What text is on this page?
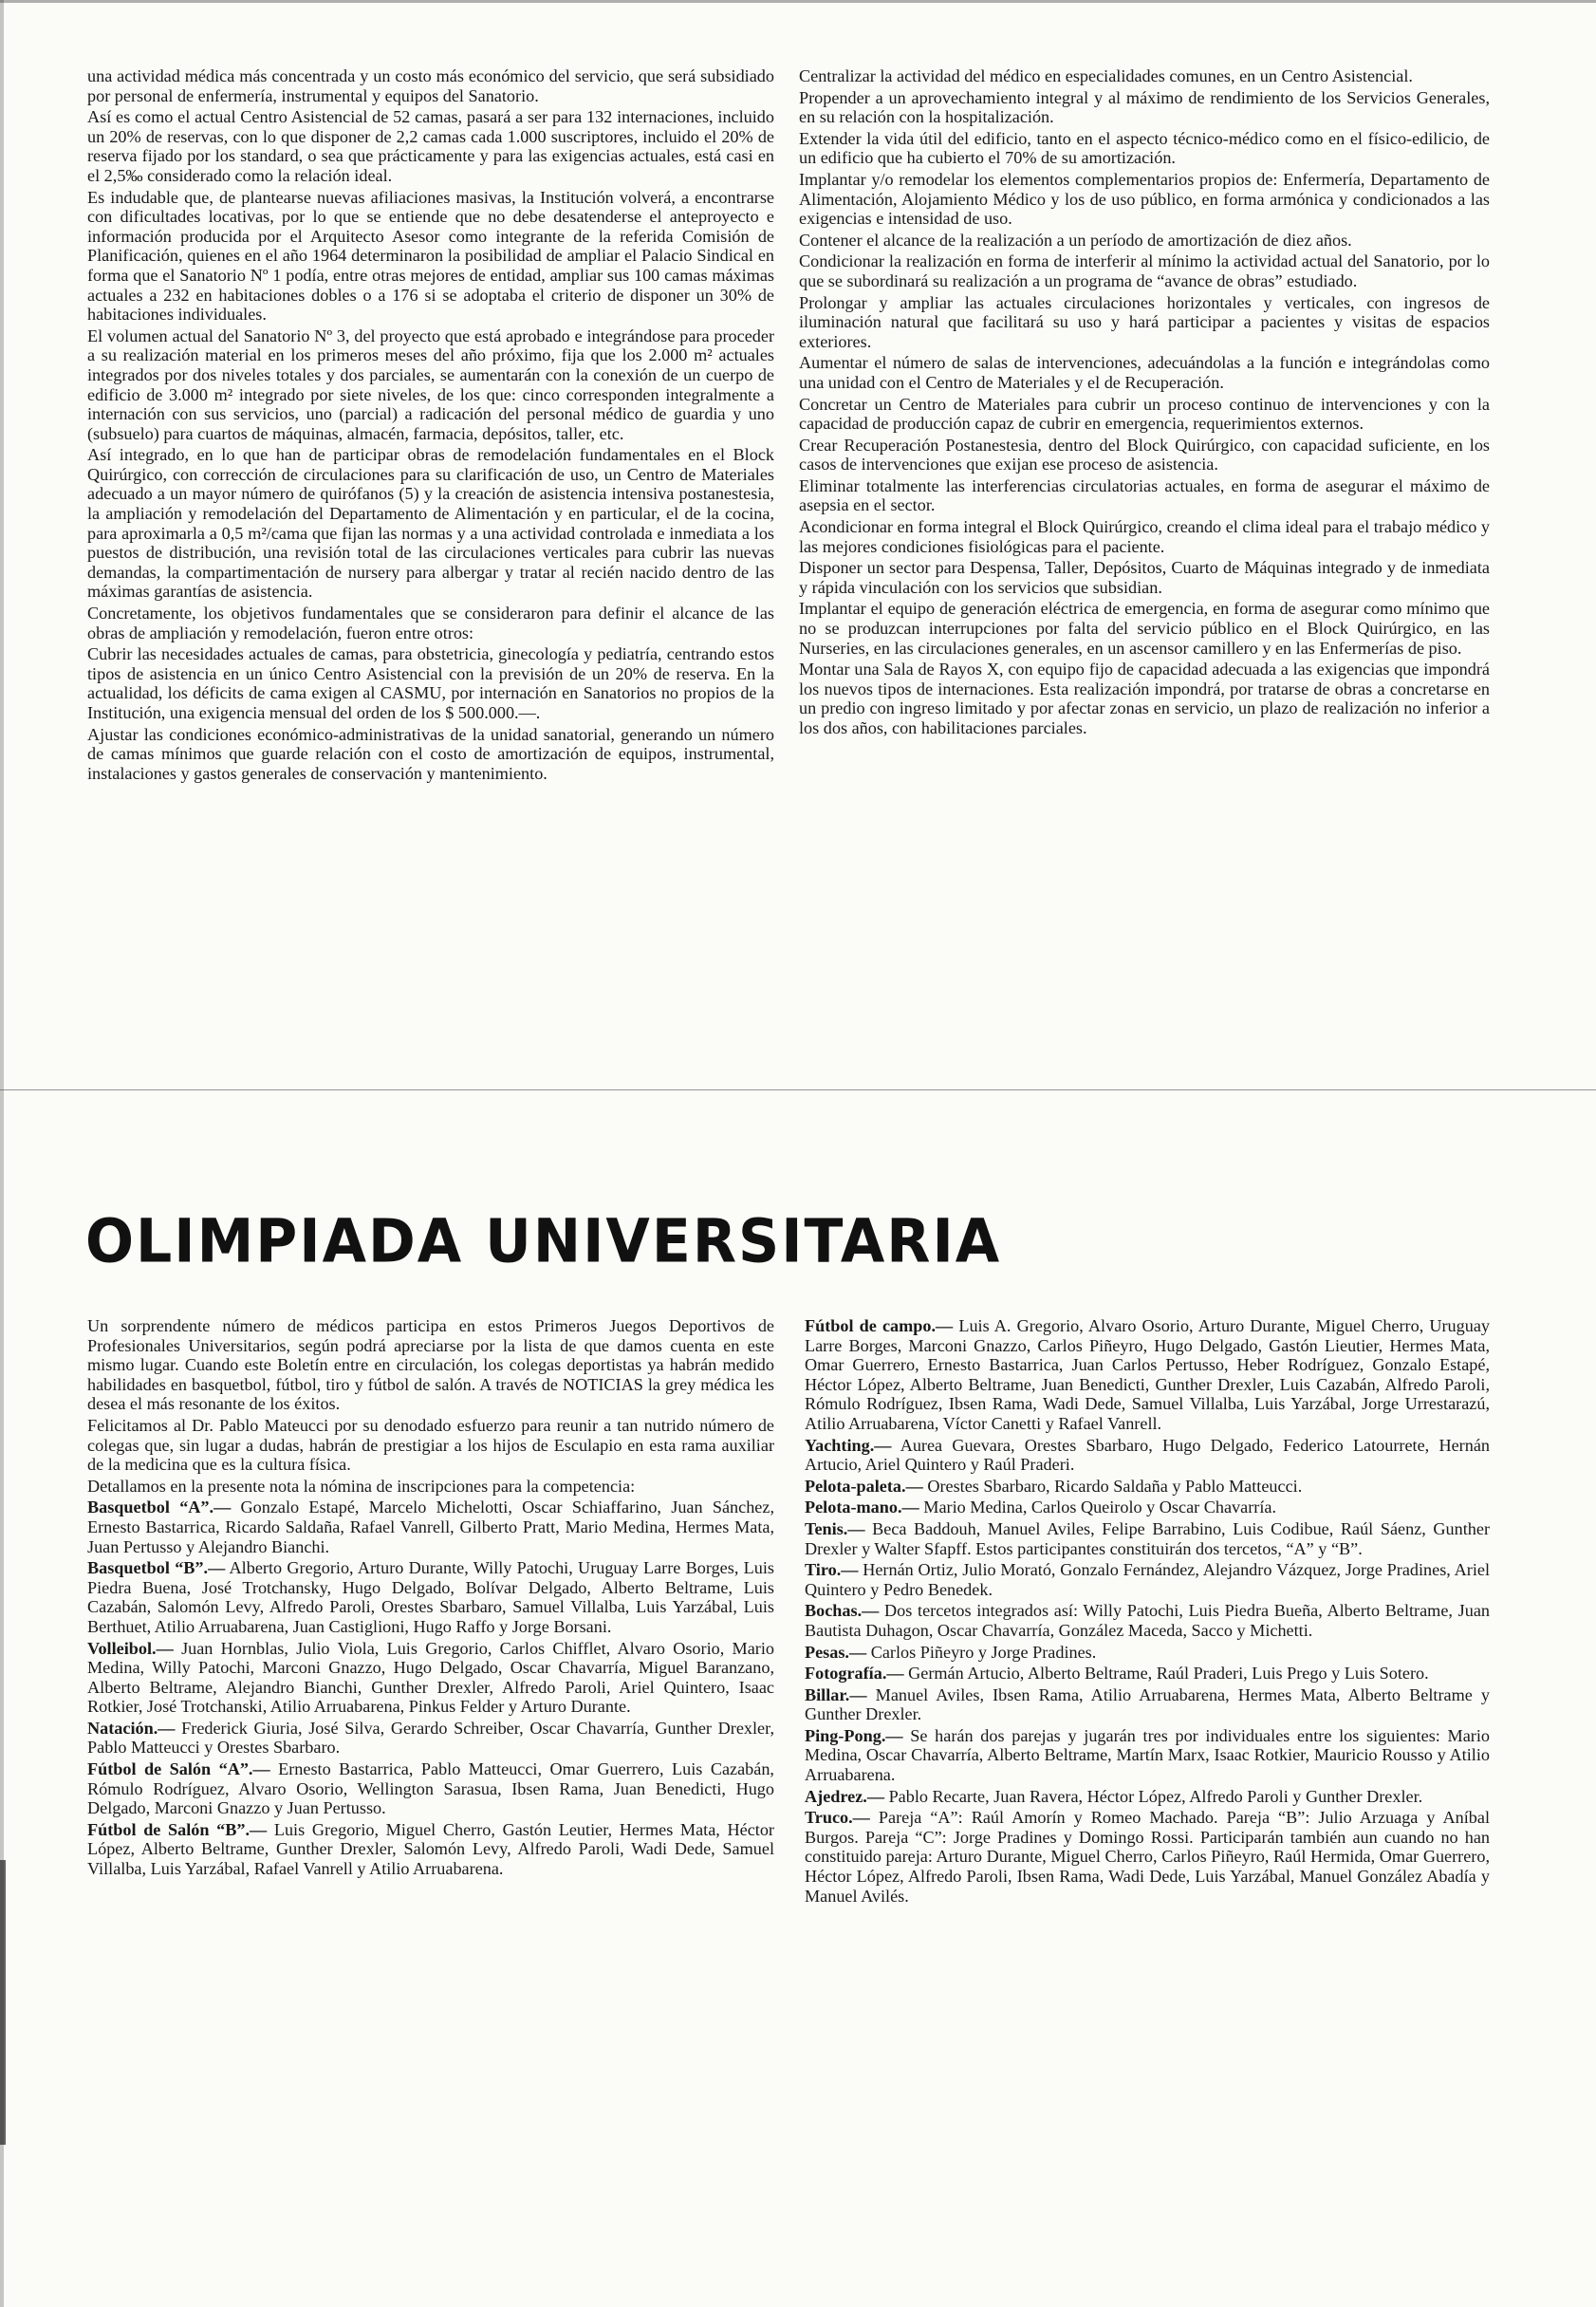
una actividad médica más concentrada y un costo más económico del servicio, que será subsidiado por personal de enfermería, instrumental y equipos del Sanatorio.

Así es como el actual Centro Asistencial de 52 camas, pasará a ser para 132 internaciones, incluido un 20% de reservas, con lo que disponer de 2,2 camas cada 1.000 suscriptores, incluido el 20% de reserva fijado por los standard, o sea que prácticamente y para las exigencias actuales, está casi en el 2,5‰ considerado como la relación ideal.

Es indudable que, de plantearse nuevas afiliaciones masivas, la Institución volverá, a encontrarse con dificultades locativas, por lo que se entiende que no debe desatenderse el anteproyecto e información producida por el Arquitecto Asesor como integrante de la referida Comisión de Planificación, quienes en el año 1964 determinaron la posibilidad de ampliar el Palacio Sindical en forma que el Sanatorio Nº 1 podía, entre otras mejores de entidad, ampliar sus 100 camas máximas actuales a 232 en habitaciones dobles o a 176 si se adoptaba el criterio de disponer un 30% de habitaciones individuales.

El volumen actual del Sanatorio Nº 3, del proyecto que está aprobado e integrándose para proceder a su realización material en los primeros meses del año próximo, fija que los 2.000 m² actuales integrados por dos niveles totales y dos parciales, se aumentarán con la conexión de un cuerpo de edificio de 3.000 m² integrado por siete niveles, de los que: cinco corresponden integralmente a internación con sus servicios, uno (parcial) a radicación del personal médico de guardia y uno (subsuelo) para cuartos de máquinas, almacén, farmacia, depósitos, taller, etc.

Así integrado, en lo que han de participar obras de remodelación fundamentales en el Block Quirúrgico, con corrección de circulaciones para su clarificación de uso, un Centro de Materiales adecuado a un mayor número de quirófanos (5) y la creación de asistencia intensiva postanestesia, la ampliación y remodelación del Departamento de Alimentación y en particular, el de la cocina, para aproximarla a 0,5 m²/cama que fijan las normas y a una actividad controlada e inmediata a los puestos de distribución, una revisión total de las circulaciones verticales para cubrir las nuevas demandas, la compartimentación de nursery para albergar y tratar al recién nacido dentro de las máximas garantías de asistencia.

Concretamente, los objetivos fundamentales que se consideraron para definir el alcance de las obras de ampliación y remodelación, fueron entre otros:

Cubrir las necesidades actuales de camas, para obstetricia, ginecología y pediatría, centrando estos tipos de asistencia en un único Centro Asistencial con la previsión de un 20% de reserva. En la actualidad, los déficits de cama exigen al CASMU, por internación en Sanatorios no propios de la Institución, una exigencia mensual del orden de los $ 500.000.—.

Ajustar las condiciones económico-administrativas de la unidad sanatorial, generando un número de camas mínimos que guarde relación con el costo de amortización de equipos, instrumental, instalaciones y gastos generales de conservación y mantenimiento.

Centralizar la actividad del médico en especialidades comunes, en un Centro Asistencial.

Propender a un aprovechamiento integral y al máximo de rendimiento de los Servicios Generales, en su relación con la hospitalización.

Extender la vida útil del edificio, tanto en el aspecto técnico-médico como en el físico-edilicio, de un edificio que ha cubierto el 70% de su amortización.

Implantar y/o remodelar los elementos complementarios propios de: Enfermería, Departamento de Alimentación, Alojamiento Médico y los de uso público, en forma armónica y condicionados a las exigencias e intensidad de uso.

Contener el alcance de la realización a un período de amortización de diez años.

Condicionar la realización en forma de interferir al mínimo la actividad actual del Sanatorio, por lo que se subordinará su realización a un programa de “avance de obras” estudiado.

Prolongar y ampliar las actuales circulaciones horizontales y verticales, con ingresos de iluminación natural que facilitará su uso y hará participar a pacientes y visitas de espacios exteriores.

Aumentar el número de salas de intervenciones, adecuándolas a la función e integrándolas como una unidad con el Centro de Materiales y el de Recuperación.

Concretar un Centro de Materiales para cubrir un proceso continuo de intervenciones y con la capacidad de producción capaz de cubrir en emergencia, requerimientos externos.

Crear Recuperación Postanestesia, dentro del Block Quirúrgico, con capacidad suficiente, en los casos de intervenciones que exijan ese proceso de asistencia.

Eliminar totalmente las interferencias circulatorias actuales, en forma de asegurar el máximo de asepsia en el sector.

Acondicionar en forma integral el Block Quirúrgico, creando el clima ideal para el trabajo médico y las mejores condiciones fisiológicas para el paciente.

Disponer un sector para Despensa, Taller, Depósitos, Cuarto de Máquinas integrado y de inmediata y rápida vinculación con los servicios que subsidian.

Implantar el equipo de generación eléctrica de emergencia, en forma de asegurar como mínimo que no se produzcan interrupciones por falta del servicio público en el Block Quirúrgico, en las Nurseries, en las circulaciones generales, en un ascensor camillero y en las Enfermerías de piso.

Montar una Sala de Rayos X, con equipo fijo de capacidad adecuada a las exigencias que impondrá los nuevos tipos de internaciones. Esta realización impondrá, por tratarse de obras a concretarse en un predio con ingreso limitado y por afectar zonas en servicio, un plazo de realización no inferior a los dos años, con habilitaciones parciales.

OLIMPIADA UNIVERSITARIA

Un sorprendente número de médicos participa en estos Primeros Juegos Deportivos de Profesionales Universitarios, según podrá apreciarse por la lista de que damos cuenta en este mismo lugar. Cuando este Boletín entre en circulación, los colegas deportistas ya habrán medido habilidades en basquetbol, fútbol, tiro y fútbol de salón. A través de NOTICIAS la grey médica les desea el más resonante de los éxitos.

Felicitamos al Dr. Pablo Mateucci por su denodado esfuerzo para reunir a tan nutrido número de colegas que, sin lugar a dudas, habrán de prestigiar a los hijos de Esculapio en esta rama auxiliar de la medicina que es la cultura física.

Detallamos en la presente nota la nómina de inscripciones para la competencia:

Basquetbol “A”.— Gonzalo Estapé, Marcelo Michelotti, Oscar Schiaffarino, Juan Sánchez, Ernesto Bastarrica, Ricardo Saldaña, Rafael Vanrell, Gilberto Pratt, Mario Medina, Hermes Mata, Juan Pertusso y Alejandro Bianchi.

Basquetbol “B”.— Alberto Gregorio, Arturo Durante, Willy Patochi, Uruguay Larre Borges, Luis Piedra Buena, José Trotchansky, Hugo Delgado, Bolívar Delgado, Alberto Beltrame, Luis Cazabán, Salomón Levy, Alfredo Paroli, Orestes Sbarbaro, Samuel Villalba, Luis Yarzábal, Luis Berthuet, Atilio Arruabarena, Juan Castiglioni, Hugo Raffo y Jorge Borsani.

Volleibol.— Juan Hornblas, Julio Viola, Luis Gregorio, Carlos Chifflet, Alvaro Osorio, Mario Medina, Willy Patochi, Marconi Gnazzo, Hugo Delgado, Oscar Chavarría, Miguel Baranzano, Alberto Beltrame, Alejandro Bianchi, Gunther Drexler, Alfredo Paroli, Ariel Quintero, Isaac Rotkier, José Trotchanski, Atilio Arruabarena, Pinkus Felder y Arturo Durante.

Natación.— Frederick Giuria, José Silva, Gerardo Schreiber, Oscar Chavarría, Gunther Drexler, Pablo Matteucci y Orestes Sbarbaro.

Fútbol de Salón “A”.— Ernesto Bastarrica, Pablo Matteucci, Omar Guerrero, Luis Cazabán, Rómulo Rodríguez, Alvaro Osorio, Wellington Sarasua, Ibsen Rama, Juan Benedicti, Hugo Delgado, Marconi Gnazzo y Juan Pertusso.

Fútbol de Salón “B”.— Luis Gregorio, Miguel Cherro, Gastón Leutier, Hermes Mata, Héctor López, Alberto Beltrame, Gunther Drexler, Salomón Levy, Alfredo Paroli, Wadi Dede, Samuel Villalba, Luis Yarzábal, Rafael Vanrell y Atilio Arruabarena.

Fútbol de campo.— Luis A. Gregorio, Alvaro Osorio, Arturo Durante, Miguel Cherro, Uruguay Larre Borges, Marconi Gnazzo, Carlos Piñeyro, Hugo Delgado, Gastón Lieutier, Hermes Mata, Omar Guerrero, Ernesto Bastarrica, Juan Carlos Pertusso, Heber Rodríguez, Gonzalo Estapé, Héctor López, Alberto Beltrame, Juan Benedicti, Gunther Drexler, Luis Cazabán, Alfredo Paroli, Rómulo Rodríguez, Ibsen Rama, Wadi Dede, Samuel Villalba, Luis Yarzábal, Jorge Urrestarazú, Atilio Arruabarena, Víctor Canetti y Rafael Vanrell.

Yachting.— Aurea Guevara, Orestes Sbarbaro, Hugo Delgado, Federico Latourrete, Hernán Artucio, Ariel Quintero y Raúl Praderi.

Pelota-paleta.— Orestes Sbarbaro, Ricardo Saldaña y Pablo Matteucci.

Pelota-mano.— Mario Medina, Carlos Queirolo y Oscar Chavarría.

Tenis.— Beca Baddouh, Manuel Aviles, Felipe Barrabino, Luis Codibue, Raúl Sáenz, Gunther Drexler y Walter Sfapff. Estos participantes constituirán dos tercetos, “A” y “B”.

Tiro.— Hernán Ortiz, Julio Morató, Gonzalo Fernández, Alejandro Vázquez, Jorge Pradines, Ariel Quintero y Pedro Benedek.

Bochas.— Dos tercetos integrados así: Willy Patochi, Luis Piedra Bueña, Alberto Beltrame, Juan Bautista Duhagon, Oscar Chavarría, González Maceda, Sacco y Michetti.

Pesas.— Carlos Piñeyro y Jorge Pradines.

Fotografía.— Germán Artucio, Alberto Beltrame, Raúl Praderi, Luis Prego y Luis Sotero.

Billar.— Manuel Aviles, Ibsen Rama, Atilio Arruabarena, Hermes Mata, Alberto Beltrame y Gunther Drexler.

Ping-Pong.— Se harán dos parejas y jugarán tres por individuales entre los siguientes: Mario Medina, Oscar Chavarría, Alberto Beltrame, Martín Marx, Isaac Rotkier, Mauricio Rousso y Atilio Arruabarena.

Ajedrez.— Pablo Recarte, Juan Ravera, Héctor López, Alfredo Paroli y Gunther Drexler.

Truco.— Pareja “A”: Raúl Amorín y Romeo Machado. Pareja “B”: Julio Arzuaga y Aníbal Burgos. Pareja “C”: Jorge Pradines y Domingo Rossi. Participarán también aun cuando no han constituido pareja: Arturo Durante, Miguel Cherro, Carlos Piñeyro, Raúl Hermida, Omar Guerrero, Héctor López, Alfredo Paroli, Ibsen Rama, Wadi Dede, Luis Yarzábal, Manuel González Abadía y Manuel Avilés.
